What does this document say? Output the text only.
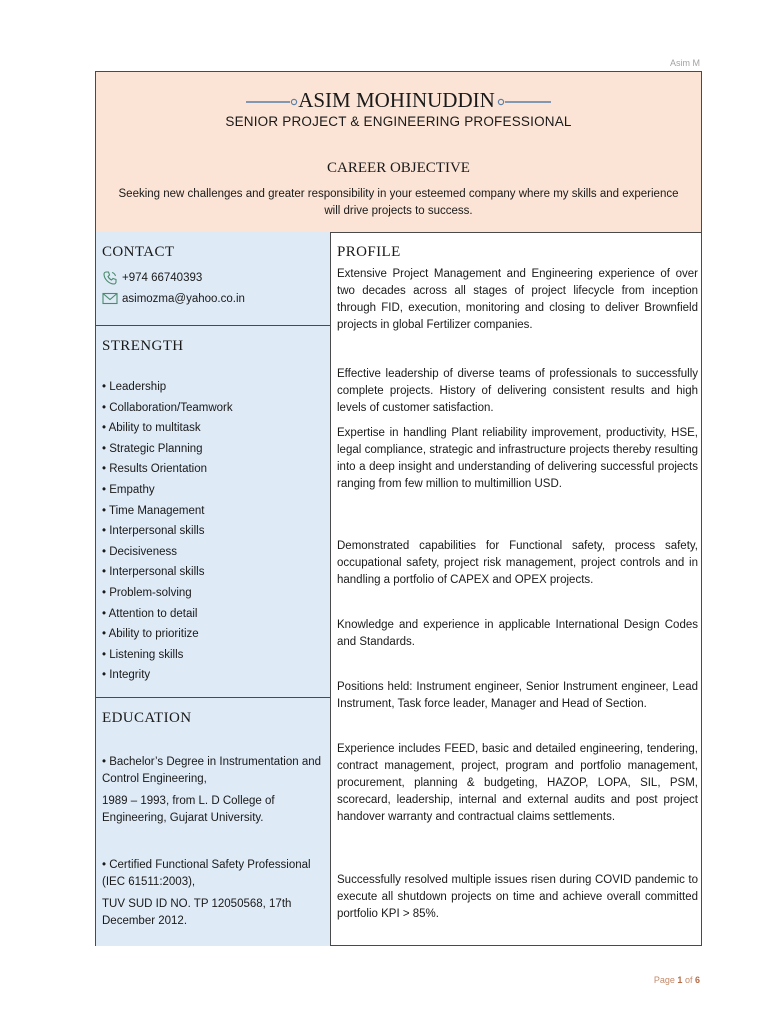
Asim M
ASIM MOHINUDDIN
SENIOR PROJECT & ENGINEERING PROFESSIONAL
CAREER OBJECTIVE
Seeking new challenges and greater responsibility in your esteemed company where my skills and experience will drive projects to success.
CONTACT
+974 66740393
asimozma@yahoo.co.in
STRENGTH
• Leadership
• Collaboration/Teamwork
• Ability to multitask
• Strategic Planning
• Results Orientation
• Empathy
• Time Management
• Interpersonal skills
• Decisiveness
• Interpersonal skills
• Problem-solving
• Attention to detail
• Ability to prioritize
• Listening skills
• Integrity
EDUCATION
• Bachelor’s Degree in Instrumentation and Control Engineering,
1989 – 1993, from L. D College of Engineering, Gujarat University.
• Certified Functional Safety Professional (IEC 61511:2003),
TUV SUD ID NO. TP 12050568, 17th December 2012.
PROFILE

Extensive Project Management and Engineering experience of over two decades across all stages of project lifecycle from inception through FID, execution, monitoring and closing to deliver Brownfield projects in global Fertilizer companies.

Effective leadership of diverse teams of professionals to successfully complete projects. History of delivering consistent results and high levels of customer satisfaction.

Expertise in handling Plant reliability improvement, productivity, HSE, legal compliance, strategic and infrastructure projects thereby resulting into a deep insight and understanding of delivering successful projects ranging from few million to multimillion USD.

Demonstrated capabilities for Functional safety, process safety, occupational safety, project risk management, project controls and in handling a portfolio of CAPEX and OPEX projects.

Knowledge and experience in applicable International Design Codes and Standards.

Positions held: Instrument engineer, Senior Instrument engineer, Lead Instrument, Task force leader, Manager and Head of Section.

Experience includes FEED, basic and detailed engineering, tendering, contract management, project, program and portfolio management, procurement, planning & budgeting, HAZOP, LOPA, SIL, PSM, scorecard, leadership, internal and external audits and post project handover warranty and contractual claims settlements.

Successfully resolved multiple issues risen during COVID pandemic to execute all shutdown projects on time and achieve overall committed portfolio KPI > 85%.

Page 1 of 6
